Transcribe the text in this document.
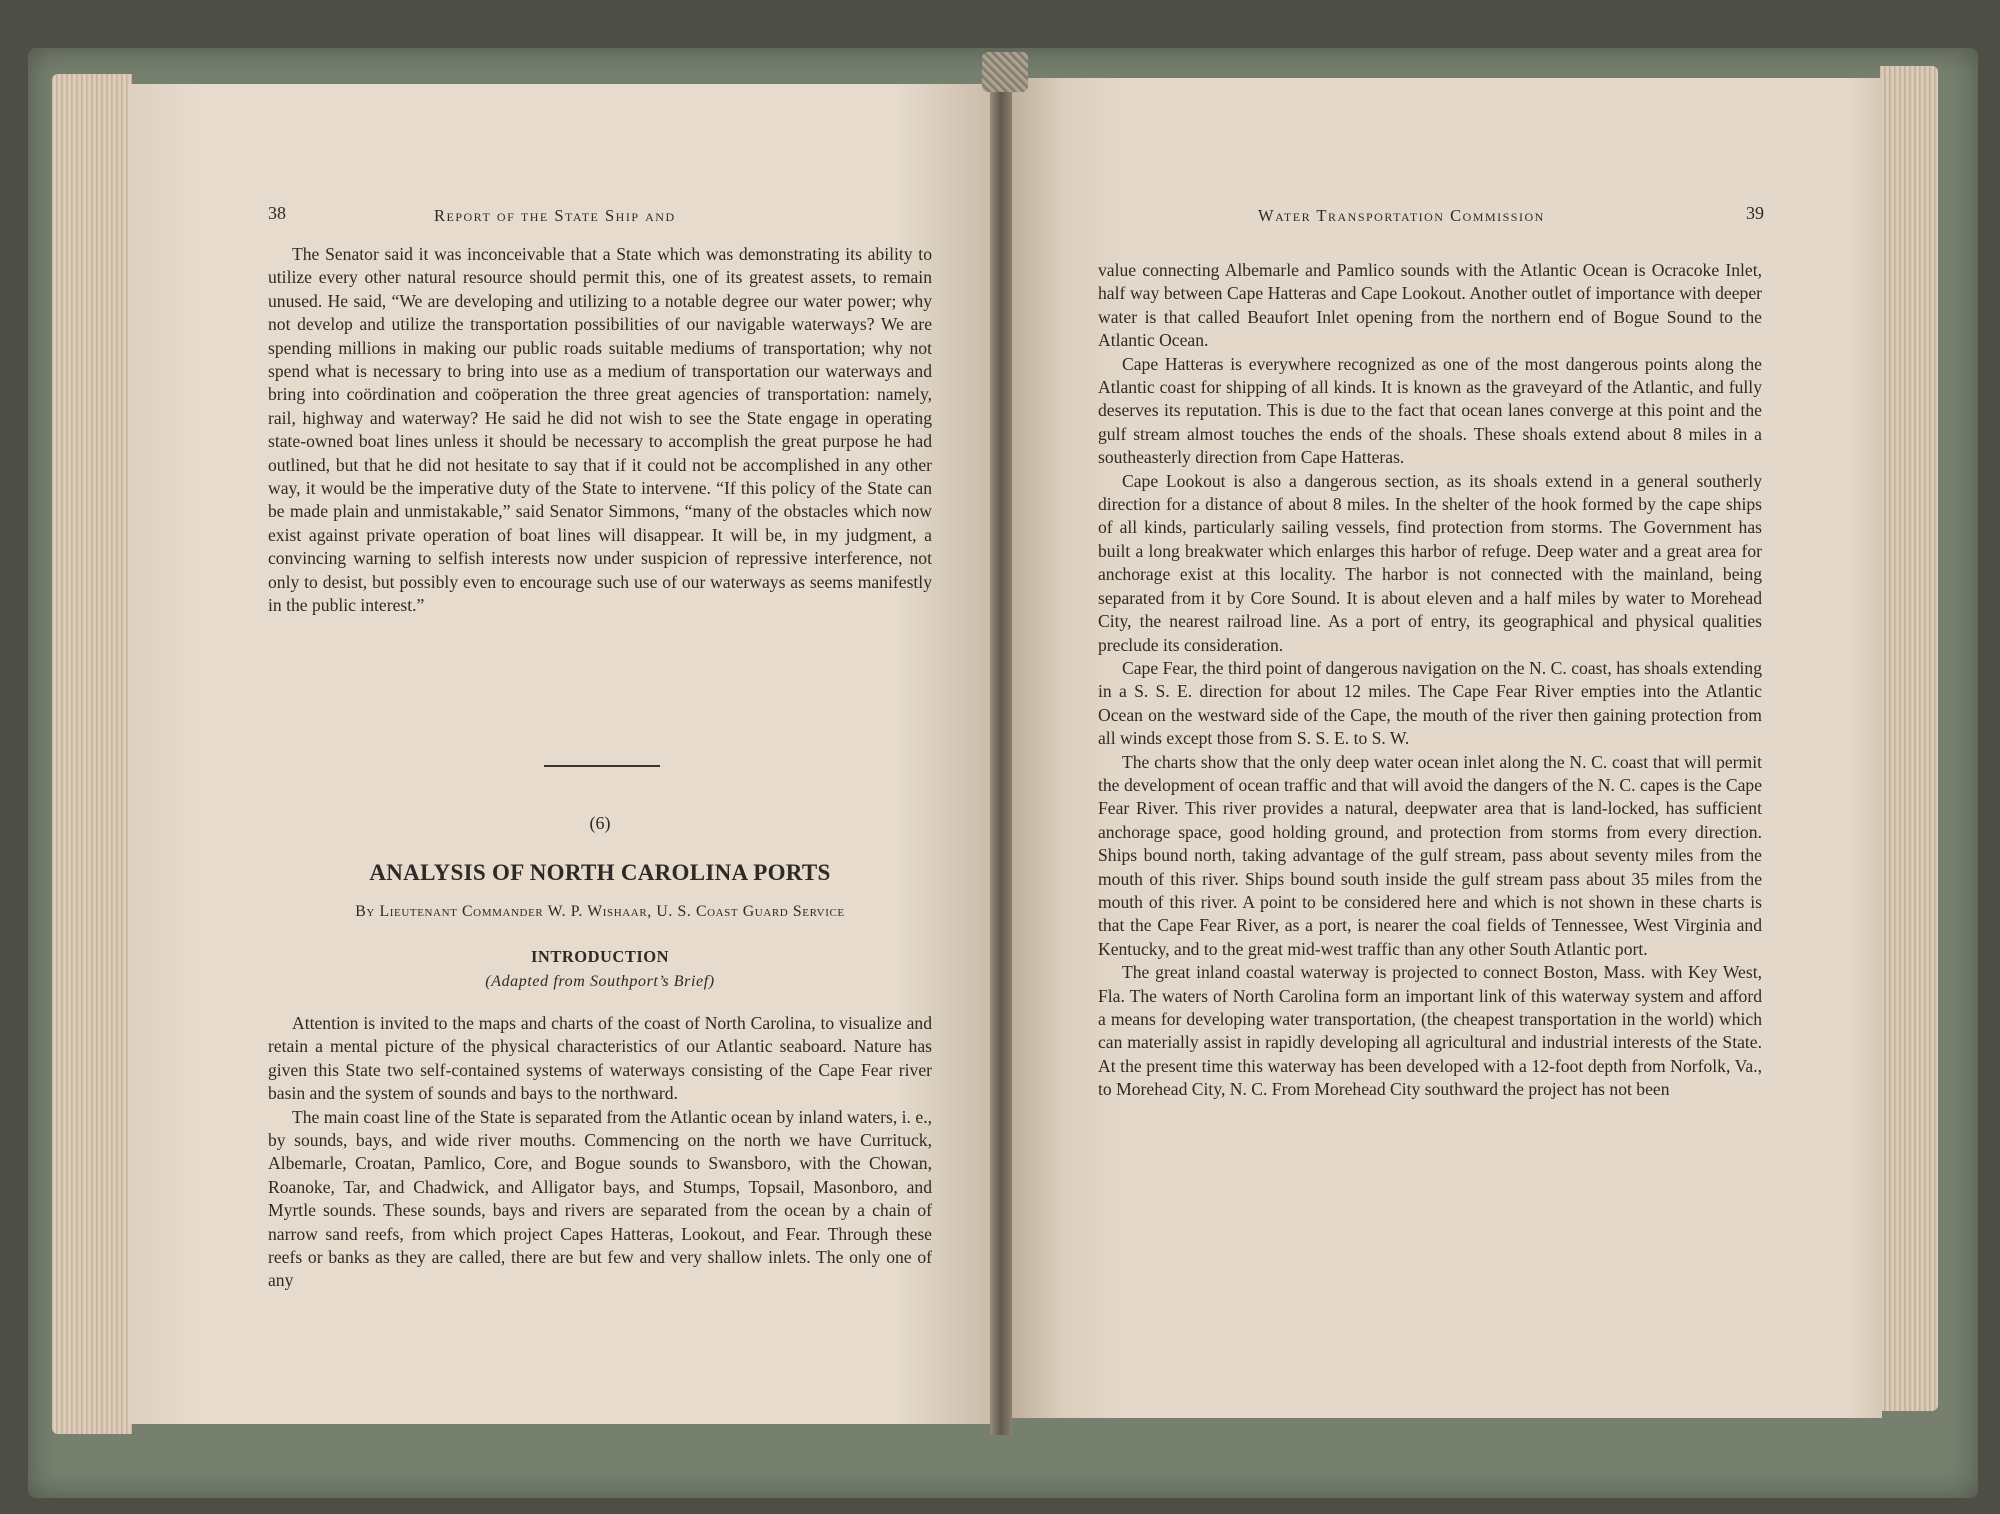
38	Report of the State Ship and

The Senator said it was inconceivable that a State which was demonstrating its ability to utilize every other natural resource should permit this, one of its greatest assets, to remain unused. He said, “We are developing and utilizing to a notable degree our water power; why not develop and utilize the transportation possibilities of our navigable waterways? We are spending millions in making our public roads suitable mediums of transportation; why not spend what is necessary to bring into use as a medium of transportation our waterways and bring into coördination and coöperation the three great agencies of transportation: namely, rail, highway and waterway? He said he did not wish to see the State engage in operating state-owned boat lines unless it should be necessary to accomplish the great purpose he had outlined, but that he did not hesitate to say that if it could not be accomplished in any other way, it would be the imperative duty of the State to intervene. “If this policy of the State can be made plain and unmistakable,” said Senator Simmons, “many of the obstacles which now exist against private operation of boat lines will disappear. It will be, in my judgment, a convincing warning to selfish interests now under suspicion of repressive interference, not only to desist, but possibly even to encourage such use of our waterways as seems manifestly in the public interest.”

(6)
ANALYSIS OF NORTH CAROLINA PORTS
By Lieutenant Commander W. P. Wishaar, U. S. Coast Guard Service
INTRODUCTION
(Adapted from Southport’s Brief)

Attention is invited to the maps and charts of the coast of North Carolina, to visualize and retain a mental picture of the physical characteristics of our Atlantic seaboard. Nature has given this State two self-contained systems of waterways consisting of the Cape Fear river basin and the system of sounds and bays to the northward.

The main coast line of the State is separated from the Atlantic ocean by inland waters, i. e., by sounds, bays, and wide river mouths. Commencing on the north we have Currituck, Albemarle, Croatan, Pamlico, Core, and Bogue sounds to Swansboro, with the Chowan, Roanoke, Tar, and Chadwick, and Alligator bays, and Stumps, Topsail, Masonboro, and Myrtle sounds. These sounds, bays and rivers are separated from the ocean by a chain of narrow sand reefs, from which project Capes Hatteras, Lookout, and Fear. Through these reefs or banks as they are called, there are but few and very shallow inlets. The only one of any

Water Transportation Commission	39

value connecting Albemarle and Pamlico sounds with the Atlantic Ocean is Ocracoke Inlet, half way between Cape Hatteras and Cape Lookout. Another outlet of importance with deeper water is that called Beaufort Inlet opening from the northern end of Bogue Sound to the Atlantic Ocean.

Cape Hatteras is everywhere recognized as one of the most dangerous points along the Atlantic coast for shipping of all kinds. It is known as the graveyard of the Atlantic, and fully deserves its reputation. This is due to the fact that ocean lanes converge at this point and the gulf stream almost touches the ends of the shoals. These shoals extend about 8 miles in a southeasterly direction from Cape Hatteras.

Cape Lookout is also a dangerous section, as its shoals extend in a general southerly direction for a distance of about 8 miles. In the shelter of the hook formed by the cape ships of all kinds, particularly sailing vessels, find protection from storms. The Government has built a long breakwater which enlarges this harbor of refuge. Deep water and a great area for anchorage exist at this locality. The harbor is not connected with the mainland, being separated from it by Core Sound. It is about eleven and a half miles by water to Morehead City, the nearest railroad line. As a port of entry, its geographical and physical qualities preclude its consideration.

Cape Fear, the third point of dangerous navigation on the N. C. coast, has shoals extending in a S. S. E. direction for about 12 miles. The Cape Fear River empties into the Atlantic Ocean on the westward side of the Cape, the mouth of the river then gaining protection from all winds except those from S. S. E. to S. W.

The charts show that the only deep water ocean inlet along the N. C. coast that will permit the development of ocean traffic and that will avoid the dangers of the N. C. capes is the Cape Fear River. This river provides a natural, deepwater area that is land-locked, has sufficient anchorage space, good holding ground, and protection from storms from every direction. Ships bound north, taking advantage of the gulf stream, pass about seventy miles from the mouth of this river. Ships bound south inside the gulf stream pass about 35 miles from the mouth of this river. A point to be considered here and which is not shown in these charts is that the Cape Fear River, as a port, is nearer the coal fields of Tennessee, West Virginia and Kentucky, and to the great mid-west traffic than any other South Atlantic port.

The great inland coastal waterway is projected to connect Boston, Mass. with Key West, Fla. The waters of North Carolina form an important link of this waterway system and afford a means for developing water transportation, (the cheapest transportation in the world) which can materially assist in rapidly developing all agricultural and industrial interests of the State. At the present time this waterway has been developed with a 12-foot depth from Norfolk, Va., to Morehead City, N. C. From Morehead City southward the project has not been
